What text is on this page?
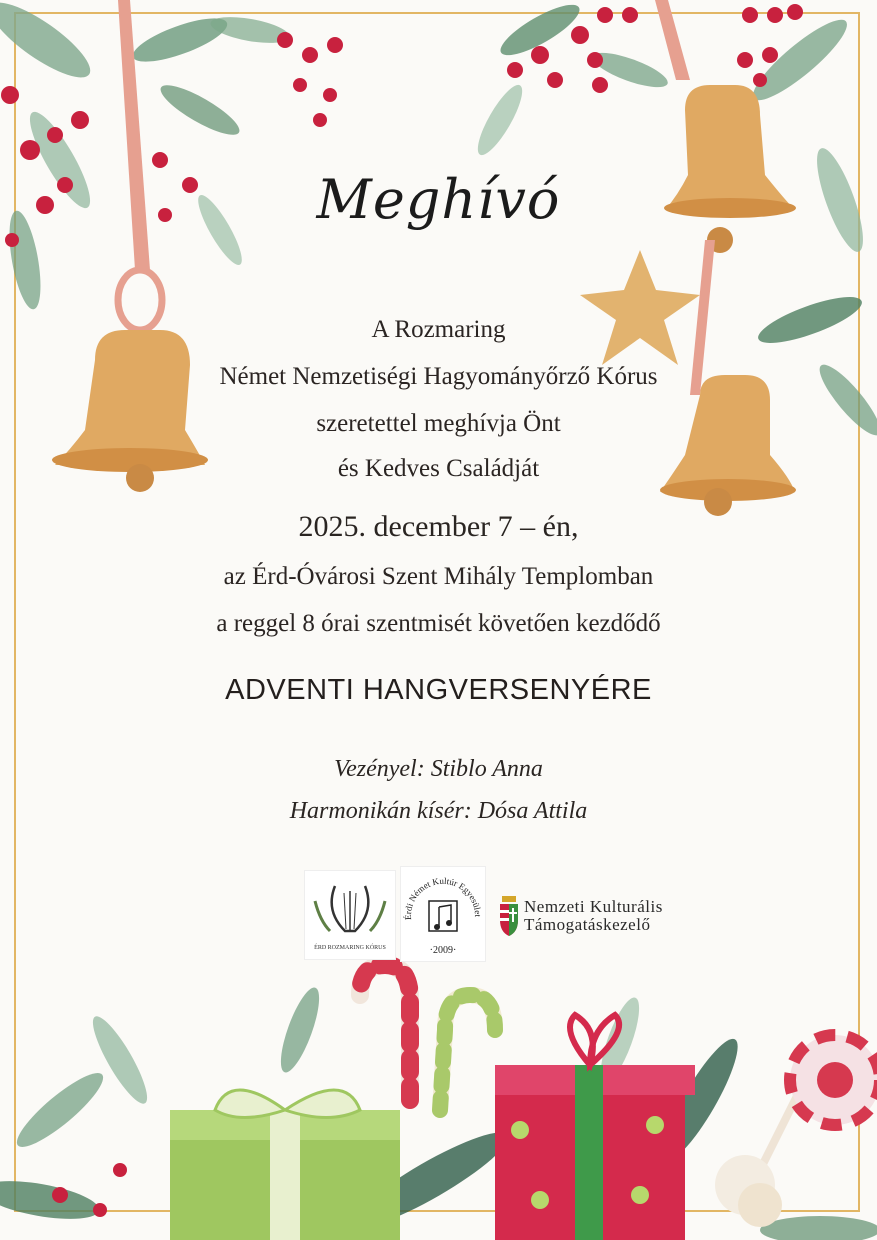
Meghívó
A Rozmaring
Német Nemzetiségi Hagyományőrző Kórus
szeretettel meghívja Önt
és Kedves Családját
2025. december 7 – én,
az Érd-Óvárosi Szent Mihály Templomban
a reggel 8 órai szentmisét követően kezdődő
ADVENTI HANGVERSENYÉRE
Vezényel: Stiblo Anna
Harmonikán kísér: Dósa Attila
ÉRD ROZMARING KÓRUS
Érdi Német Kultúr Egyesület
·2009·
Nemzeti Kulturális
Támogatáskezelő
